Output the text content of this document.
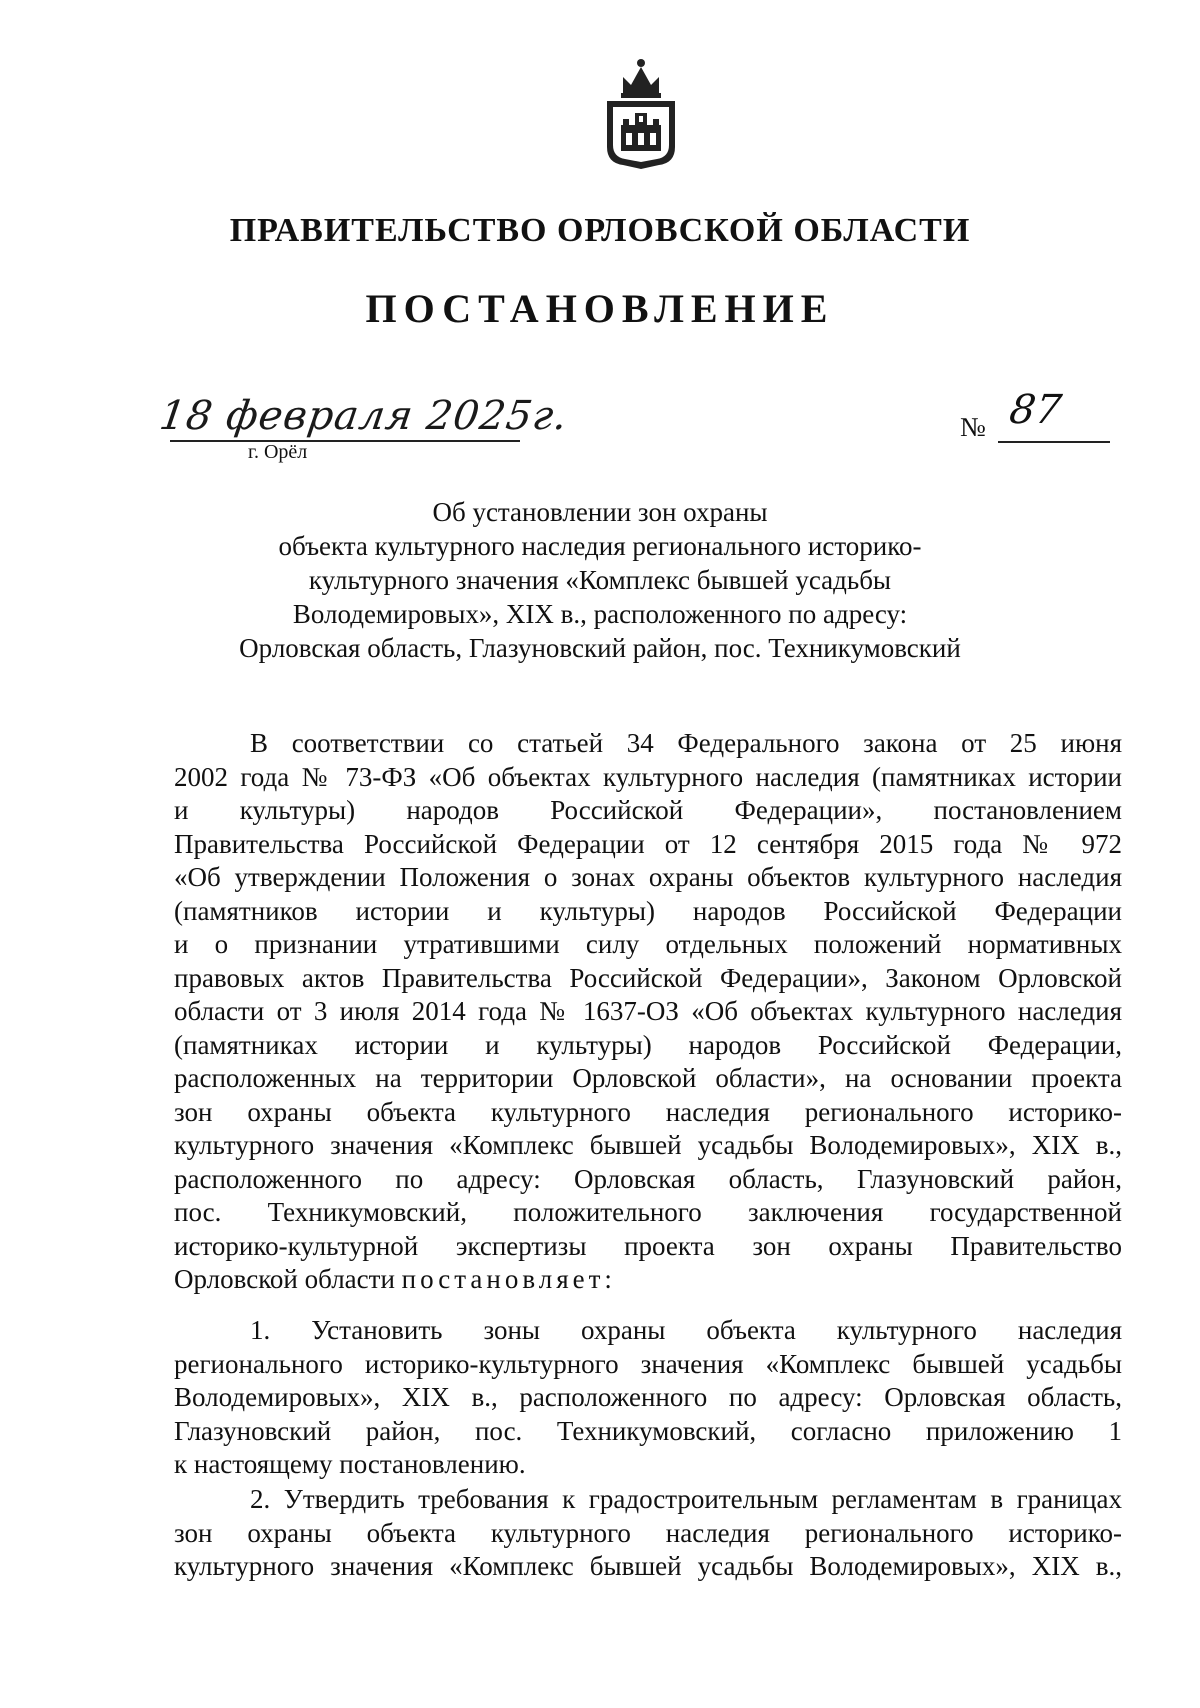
ПРАВИТЕЛЬСТВО ОРЛОВСКОЙ ОБЛАСТИ
ПОСТАНОВЛЕНИЕ
18 февраля 2025г.
г. Орёл
№ 87
Об установлении зон охраны
объекта культурного наследия регионального историко-
культурного значения «Комплекс бывшей усадьбы
Володемировых», XIX в., расположенного по адресу:
Орловская область, Глазуновский район, пос. Техникумовский
В соответствии со статьей 34 Федерального закона от 25 июня
2002 года № 73-ФЗ «Об объектах культурного наследия (памятниках истории
и культуры) народов Российской Федерации», постановлением
Правительства Российской Федерации от 12 сентября 2015 года № 972
«Об утверждении Положения о зонах охраны объектов культурного наследия
(памятников истории и культуры) народов Российской Федерации
и о признании утратившими силу отдельных положений нормативных
правовых актов Правительства Российской Федерации», Законом Орловской
области от 3 июля 2014 года № 1637-ОЗ «Об объектах культурного наследия
(памятниках истории и культуры) народов Российской Федерации,
расположенных на территории Орловской области», на основании проекта
зон охраны объекта культурного наследия регионального историко-
культурного значения «Комплекс бывшей усадьбы Володемировых», XIX в.,
расположенного по адресу: Орловская область, Глазуновский район,
пос. Техникумовский, положительного заключения государственной
историко-культурной экспертизы проекта зон охраны Правительство
Орловской области постановляет:
1. Установить зоны охраны объекта культурного наследия
регионального историко-культурного значения «Комплекс бывшей усадьбы
Володемировых», XIX в., расположенного по адресу: Орловская область,
Глазуновский район, пос. Техникумовский, согласно приложению 1
к настоящему постановлению.
2. Утвердить требования к градостроительным регламентам в границах
зон охраны объекта культурного наследия регионального историко-
культурного значения «Комплекс бывшей усадьбы Володемировых», XIX в.,
